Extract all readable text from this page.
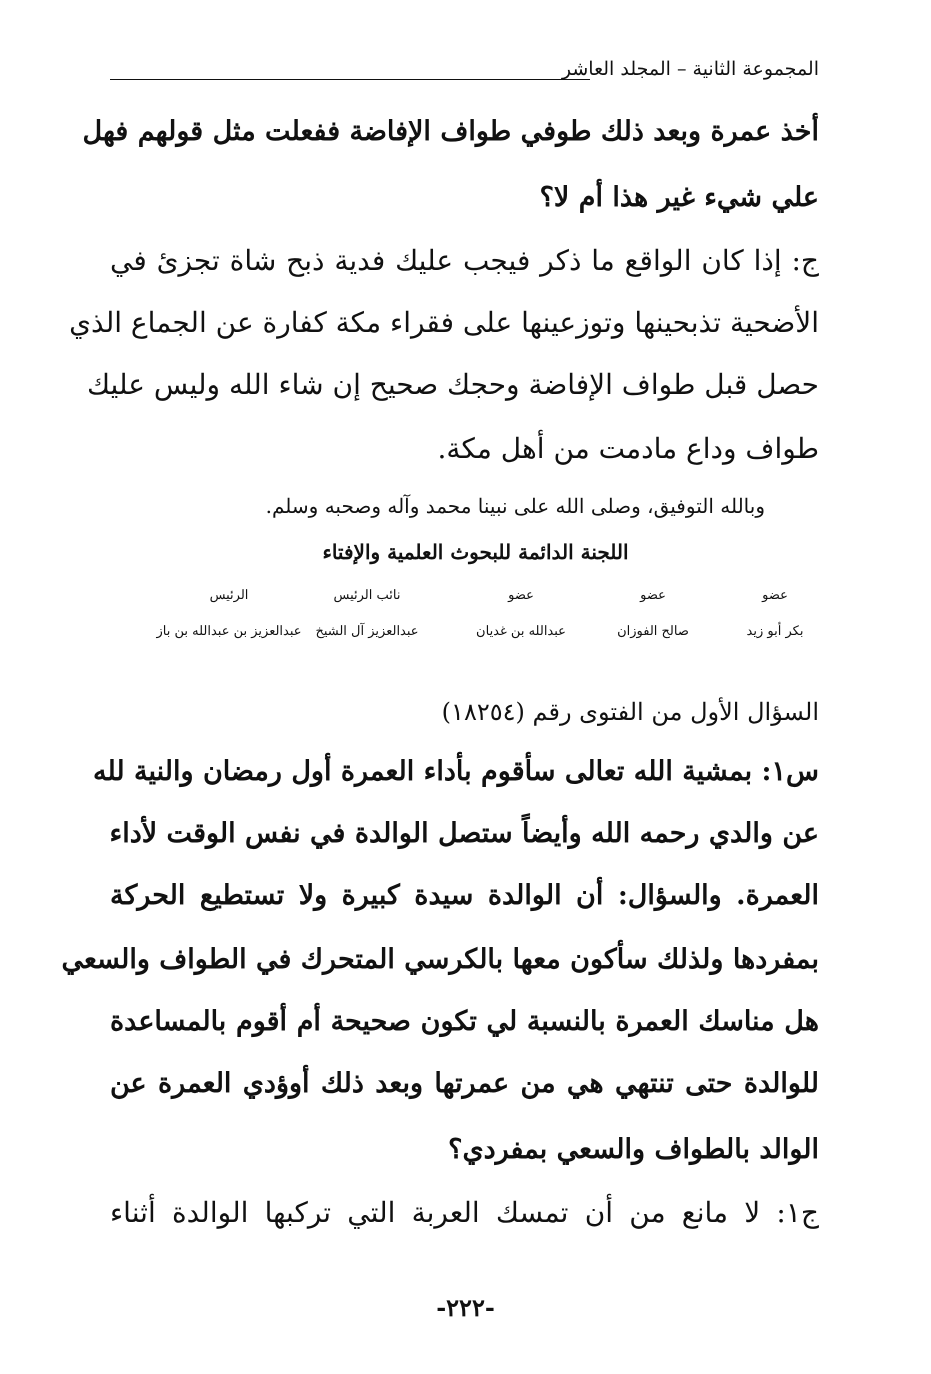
المجموعة الثانية – المجلد العاشر
أخذ عمرة وبعد ذلك طوفي طواف الإفاضة ففعلت مثل قولهم فهل
علي شيء غير هذا أم لا؟
ج: إذا كان الواقع ما ذكر فيجب عليك فدية ذبح شاة تجزئ في
الأضحية تذبحينها وتوزعينها على فقراء مكة كفارة عن الجماع الذي
حصل قبل طواف الإفاضة وحجك صحيح إن شاء الله وليس عليك
طواف وداع مادمت من أهل مكة.
وبالله التوفيق، وصلى الله على نبينا محمد وآله وصحبه وسلم.
اللجنة الدائمة للبحوث العلمية والإفتاء
عضو
عضو
عضو
نائب الرئيس
الرئيس
بكر أبو زيد
صالح الفوزان
عبدالله بن غديان
عبدالعزيز آل الشيخ
عبدالعزيز بن عبدالله بن باز
السؤال الأول من الفتوى رقم (١٨٢٥٤)
س١: بمشية الله تعالى سأقوم بأداء العمرة أول رمضان والنية لله
عن والدي رحمه الله وأيضاً ستصل الوالدة في نفس الوقت لأداء
العمرة. والسؤال: أن الوالدة سيدة كبيرة ولا تستطيع الحركة
بمفردها ولذلك سأكون معها بالكرسي المتحرك في الطواف والسعي
هل مناسك العمرة بالنسبة لي تكون صحيحة أم أقوم بالمساعدة
للوالدة حتى تنتهي هي من عمرتها وبعد ذلك أوؤدي العمرة عن
الوالد بالطواف والسعي بمفردي؟
ج١: لا مانع من أن تمسك العربة التي تركبها الوالدة أثناء
-٢٢٢-
